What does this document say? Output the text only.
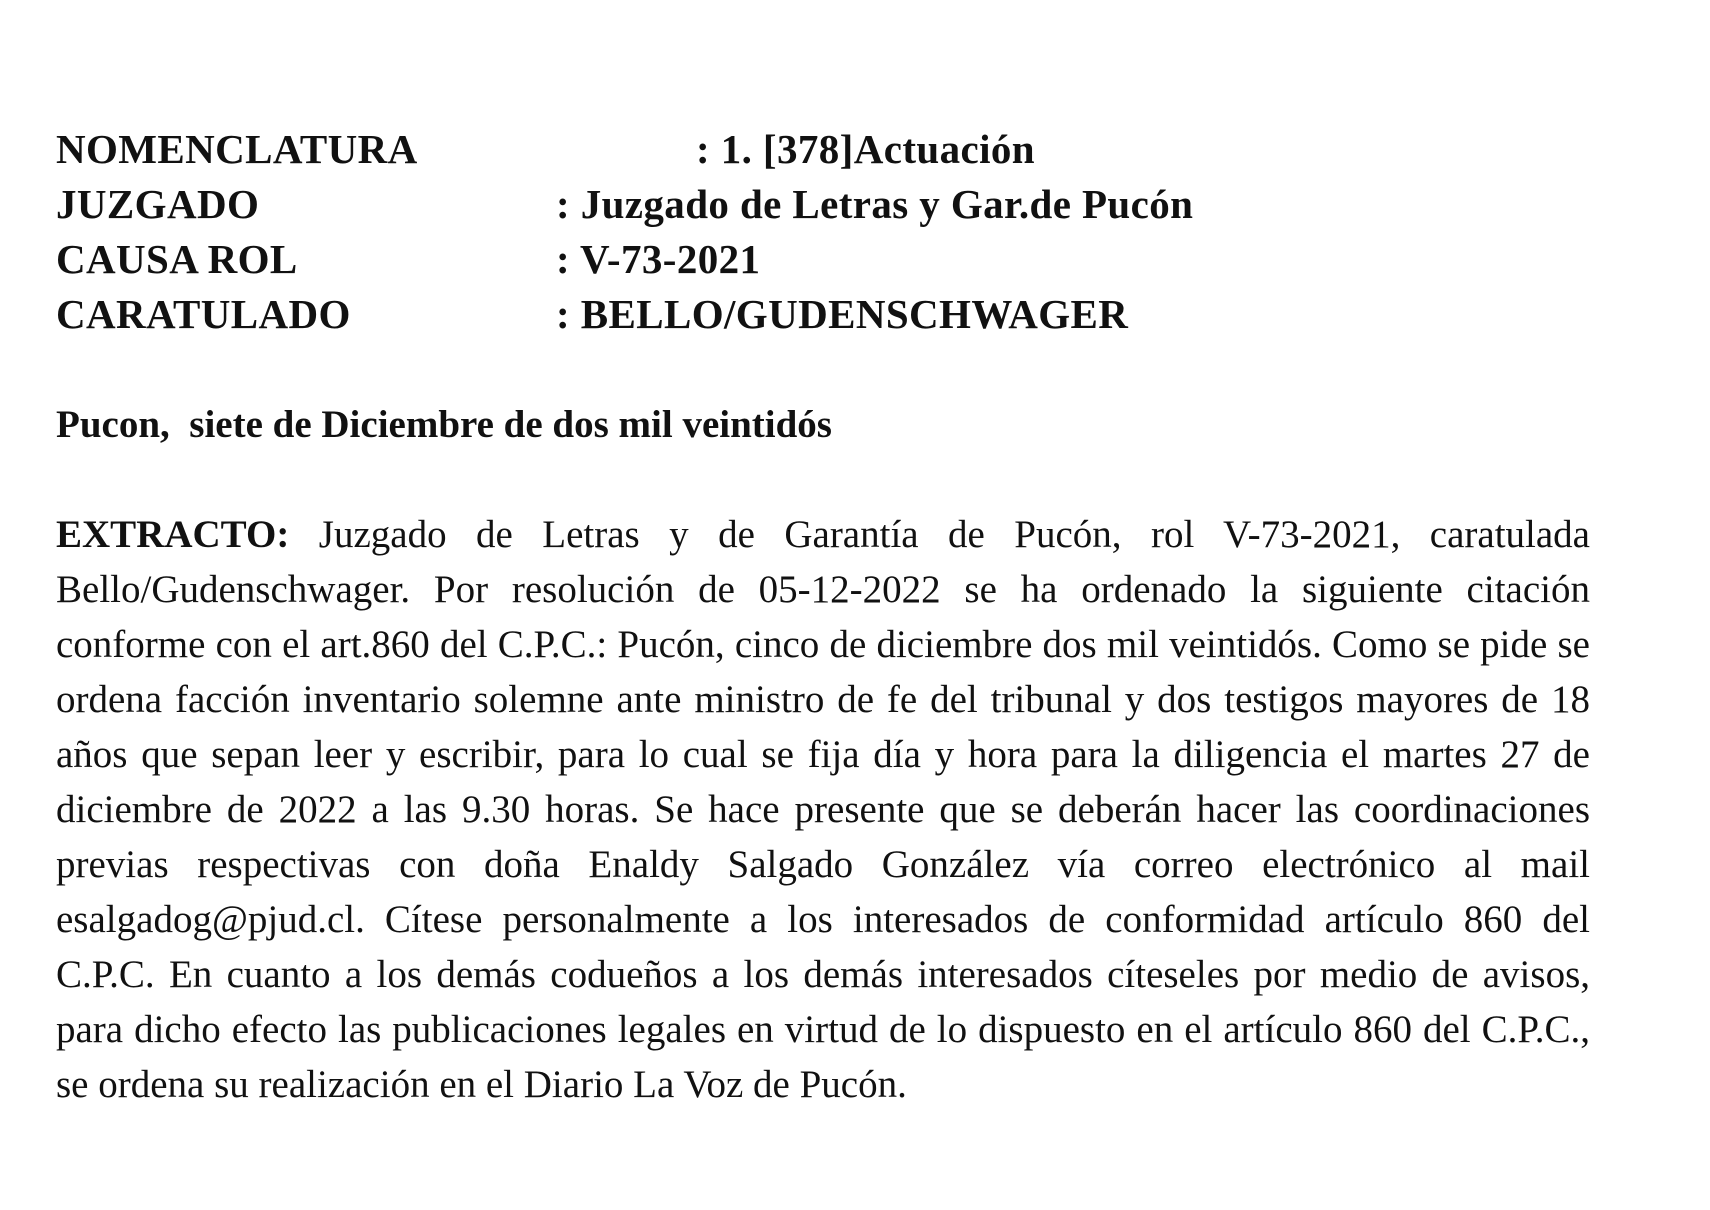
NOMENCLATURA	: 1. [378]Actuación
JUZGADO	: Juzgado de Letras y Gar.de Pucón
CAUSA ROL	: V-73-2021
CARATULADO	: BELLO/GUDENSCHWAGER
Pucon,  siete de Diciembre de dos mil veintidós
EXTRACTO: Juzgado de Letras y de Garantía de Pucón, rol V-73-2021, caratulada Bello/Gudenschwager. Por resolución de 05-12-2022 se ha ordenado la siguiente citación conforme con el art.860 del C.P.C.: Pucón, cinco de diciembre dos mil veintidós. Como se pide se ordena facción inventario solemne ante ministro de fe del tribunal y dos testigos mayores de 18 años que sepan leer y escribir, para lo cual se fija día y hora para la diligencia el martes 27 de diciembre de 2022 a las 9.30 horas. Se hace presente que se deberán hacer las coordinaciones previas respectivas con doña Enaldy Salgado González vía correo electrónico al mail esalgadog@pjud.cl. Cítese personalmente a los interesados de conformidad artículo 860 del C.P.C. En cuanto a los demás codueños a los demás interesados cíteseles por medio de avisos, para dicho efecto las publicaciones legales en virtud de lo dispuesto en el artículo 860 del C.P.C., se ordena su realización en el Diario La Voz de Pucón.
